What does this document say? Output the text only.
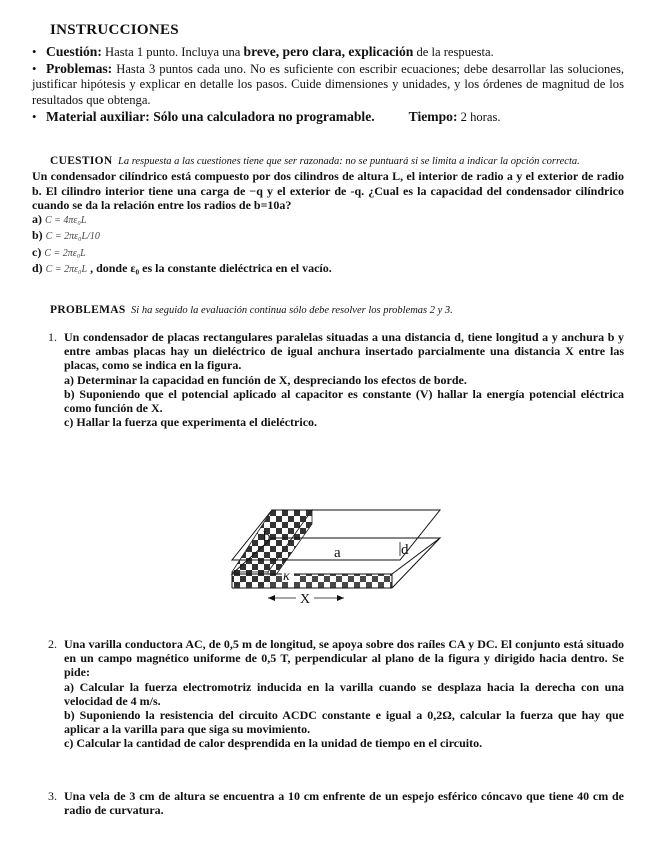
INSTRUCCIONES

• Cuestión: Hasta 1 punto. Incluya una breve, pero clara, explicación de la respuesta.

• Problemas: Hasta 3 puntos cada uno. No es suficiente con escribir ecuaciones; debe desarrollar las soluciones, justificar hipótesis y explicar en detalle los pasos. Cuide dimensiones y unidades, y los órdenes de magnitud de los resultados que obtenga.

• Material auxiliar: Sólo una calculadora no programable.	Tiempo: 2 horas.

CUESTION La respuesta a las cuestiones tiene que ser razonada: no se puntuará si se limita a indicar la opción correcta.

Un condensador cilíndrico está compuesto por dos cilindros de altura L, el interior de radio a y el exterior de radio b. El cilindro interior tiene una carga de −q y el exterior de -q. ¿Cual es la capacidad del condensador cilíndrico cuando se da la relación entre los radios de b=10a?

a) C = 4πε₀L

b) C = 2πε₀L/10

c) C = 2πε₀L

d) C = 2πε₀L , donde ε₀ es la constante dieléctrica en el vacío.

PROBLEMAS Si ha seguido la evaluación continua sólo debe resolver los problemas 2 y 3.
1. Un condensador de placas rectangulares paralelas situadas a una distancia d, tiene longitud a y anchura b y entre ambas placas hay un dieléctrico de igual anchura insertado parcialmente una distancia X entre las placas, como se indica en la figura.

a) Determinar la capacidad en función de X, despreciando los efectos de borde.

b) Suponiendo que el potencial aplicado al capacitor es constante (V) hallar la energía potencial eléctrica como función de X.

c) Hallar la fuerza que experimenta el dieléctrico.

X
b
a	d
κ
2. Una varilla conductora AC, de 0,5 m de longitud, se apoya sobre dos raíles CA y DC. El conjunto está situado en un campo magnético uniforme de 0,5 T, perpendicular al plano de la figura y dirigido hacia dentro. Se pide:

a) Calcular la fuerza electromotriz inducida en la varilla cuando se desplaza hacia la derecha con una velocidad de 4 m/s.

b) Suponiendo la resistencia del circuito ACDC constante e igual a 0,2Ω, calcular la fuerza que hay que aplicar a la varilla para que siga su movimiento.

c) Calcular la cantidad de calor desprendida en la unidad de tiempo en el circuito.

3. Una vela de 3 cm de altura se encuentra a 10 cm enfrente de un espejo esférico cóncavo que tiene 40 cm de radio de curvatura.
